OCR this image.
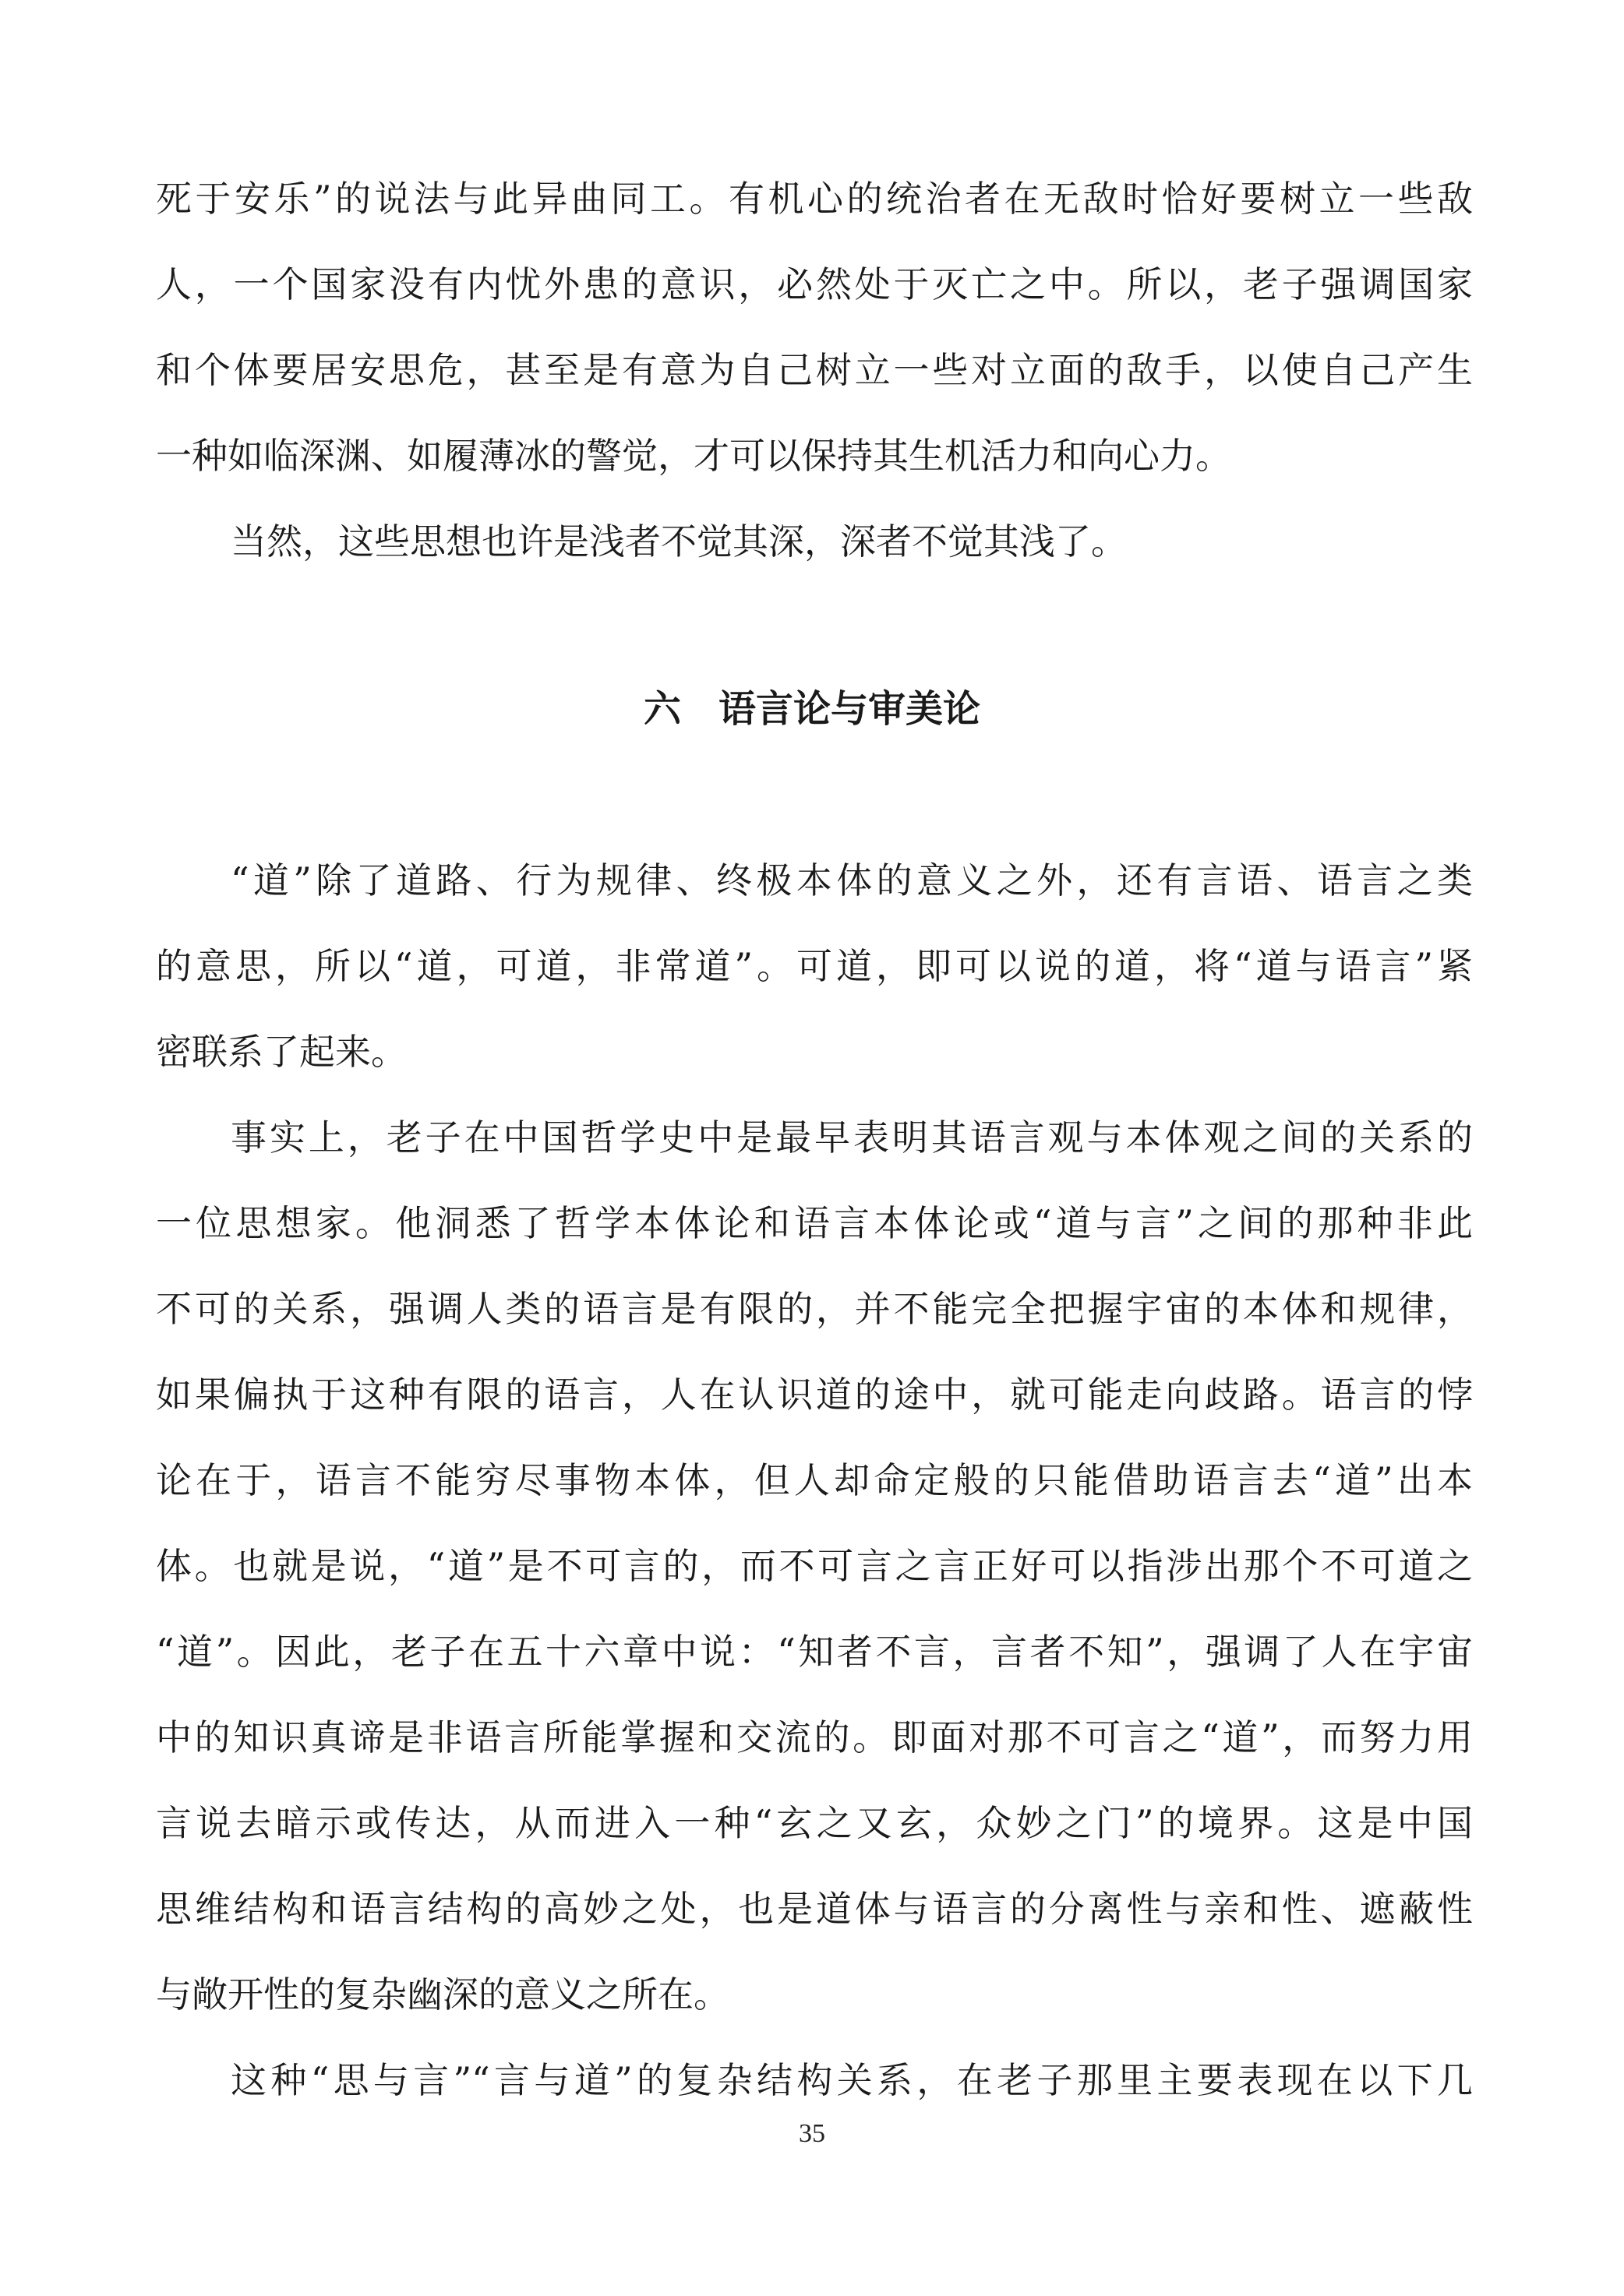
死于安乐”的说法与此异曲同工。有机心的统治者在无敌时恰好要树立一些敌
人，一个国家没有内忧外患的意识，必然处于灭亡之中。所以，老子强调国家
和个体要居安思危，甚至是有意为自己树立一些对立面的敌手，以使自己产生
一种如临深渊、如履薄冰的警觉，才可以保持其生机活力和向心力。
当然，这些思想也许是浅者不觉其深，深者不觉其浅了。
六　语言论与审美论
“道”除了道路、行为规律、终极本体的意义之外，还有言语、语言之类
的意思，所以“道，可道，非常道”。可道，即可以说的道，将“道与语言”紧
密联系了起来。
事实上，老子在中国哲学史中是最早表明其语言观与本体观之间的关系的
一位思想家。他洞悉了哲学本体论和语言本体论或“道与言”之间的那种非此
不可的关系，强调人类的语言是有限的，并不能完全把握宇宙的本体和规律，
如果偏执于这种有限的语言，人在认识道的途中，就可能走向歧路。语言的悖
论在于，语言不能穷尽事物本体，但人却命定般的只能借助语言去“道”出本
体。也就是说，“道”是不可言的，而不可言之言正好可以指涉出那个不可道之
“道”。因此，老子在五十六章中说：“知者不言，言者不知”，强调了人在宇宙
中的知识真谛是非语言所能掌握和交流的。即面对那不可言之“道”，而努力用
言说去暗示或传达，从而进入一种“玄之又玄，众妙之门”的境界。这是中国
思维结构和语言结构的高妙之处，也是道体与语言的分离性与亲和性、遮蔽性
与敞开性的复杂幽深的意义之所在。
这种“思与言”“言与道”的复杂结构关系，在老子那里主要表现在以下几
35
